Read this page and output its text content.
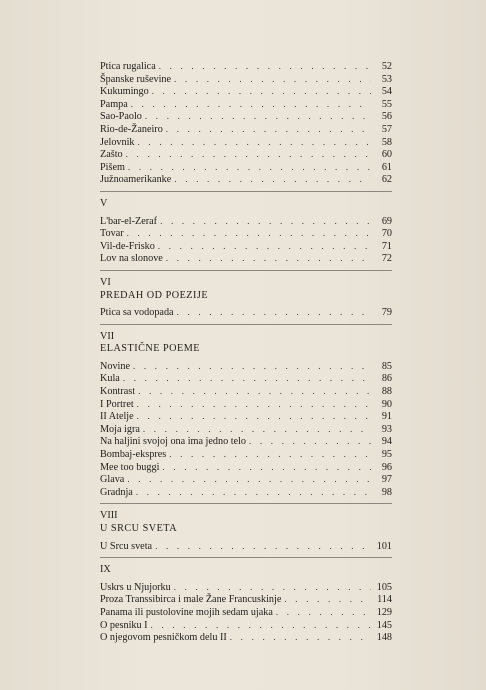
Ptica rugalica . . .	52
Španske ruševine . . .	53
Kukumingo . . .	54
Pampa . . .	55
Sao-Paolo . . .	56
Rio-de-Žaneiro . . .	57
Jelovnik . . .	58
Zašto . . .	60
Pišem . . .	61
Južnoamerikanke . . .	62
V
L'bar-el-Zeraf . . .	69
Tovar . . .	70
Vil-de-Frisko . . .	71
Lov na slonove . . .	72
VI
PREDAH OD POEZIJE
Ptica sa vodopada . . .	79
VII
ELASTIČNE POEME
Novine . . .	85
Kula . . .	86
Kontrast . . .	88
I Portret . . .	90
II Atelje . . .	91
Moja igra . . .	93
Na haljini svojoj ona ima jedno telo . . .	94
Bombaj-ekspres . . .	95
Mee too buggi . . .	96
Glava . . .	97
Gradnja . . .	98
VIII
U SRCU SVETA
U Srcu sveta . . .	101
IX
Uskrs u Njujorku . . .	105
Proza Transsibirca i male Žane Francuskinje . . .	114
Panama ili pustolovine mojih sedam ujaka . . .	129
O pesniku I . . .	145
O njegovom pesničkom delu II . . .	148
